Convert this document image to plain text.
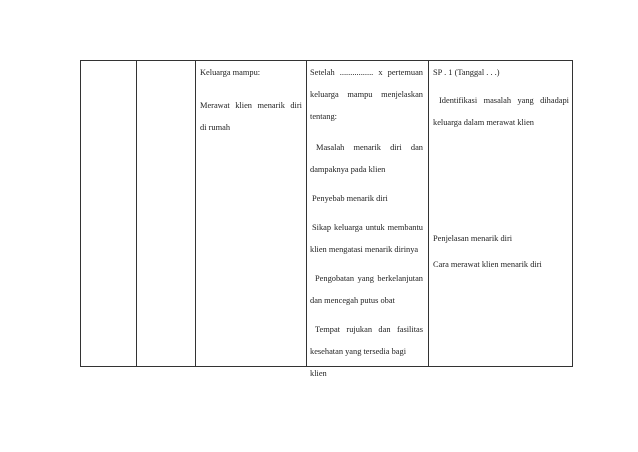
Keluarga mampu:

Merawat klien menarik diri

di rumah

Setelah ................ x pertemuan

keluarga mampu menjelaskan

tentang:

Masalah menarik diri dan

dampaknya pada klien

Penyebab menarik diri

Sikap keluarga untuk membantu

klien mengatasi menarik dirinya

Pengobatan yang berkelanjutan

dan mencegah putus obat

Tempat rujukan dan fasilitas

kesehatan yang tersedia bagi klien

SP . 1 (Tanggal . . .)

Identifikasi masalah yang dihadapi

keluarga dalam merawat klien

Penjelasan menarik diri

Cara merawat klien menarik diri
